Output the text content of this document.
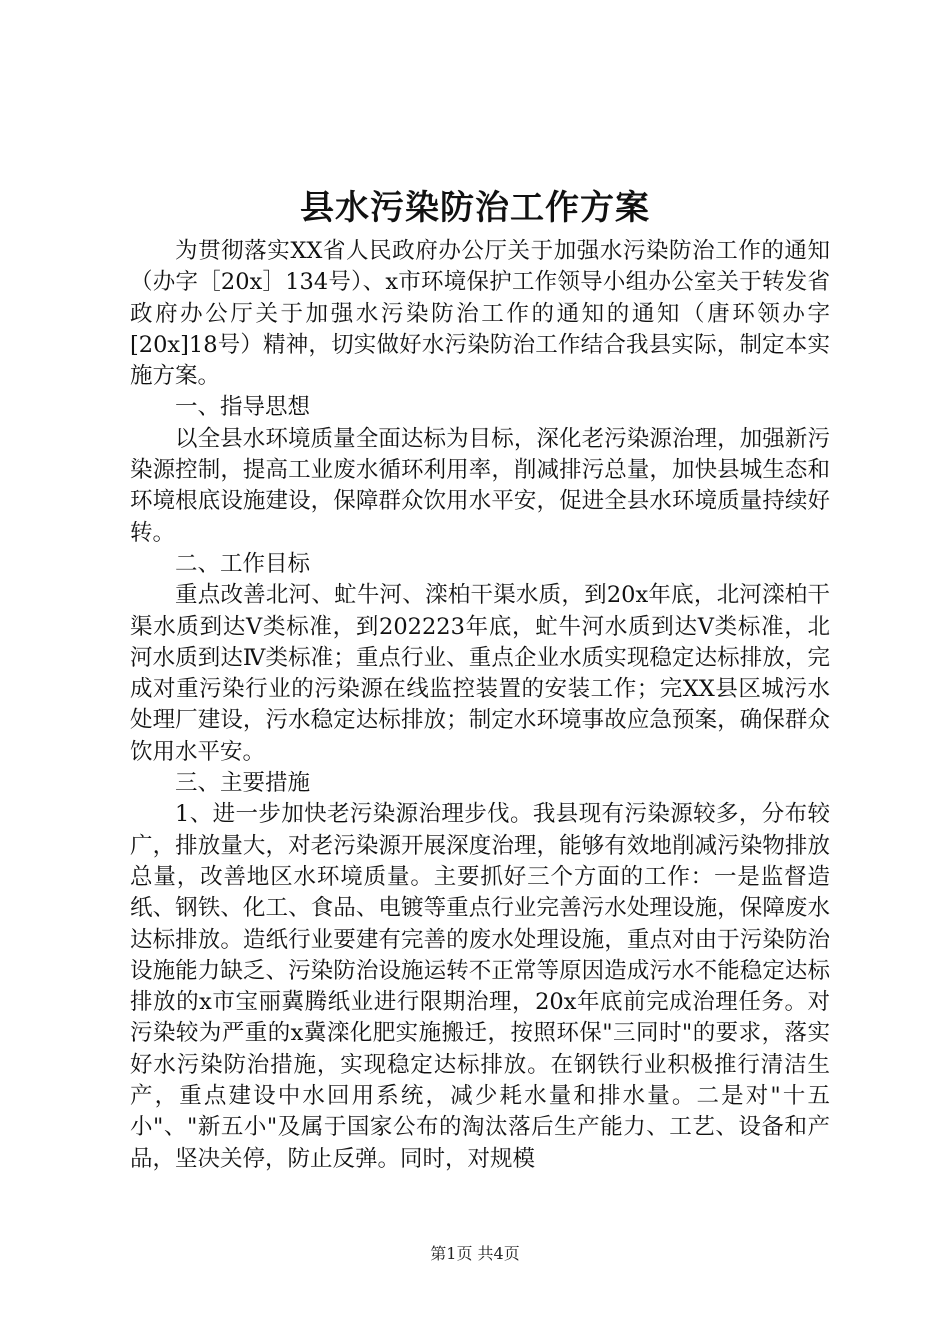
县水污染防治工作方案

为贯彻落实XX省人民政府办公厅关于加强水污染防治工作的通知（办字［20x］134号）、x市环境保护工作领导小组办公室关于转发省政府办公厅关于加强水污染防治工作的通知的通知（唐环领办字[20x]18号）精神，切实做好水污染防治工作结合我县实际，制定本实施方案。

一、指导思想

以全县水环境质量全面达标为目标，深化老污染源治理，加强新污染源控制，提高工业废水循环利用率，削减排污总量，加快县城生态和环境根底设施建设，保障群众饮用水平安，促进全县水环境质量持续好转。

二、工作目标

重点改善北河、虻牛河、滦柏干渠水质，到20x年底，北河滦柏干渠水质到达Ⅴ类标准，到202223年底，虻牛河水质到达Ⅴ类标准，北河水质到达Ⅳ类标准；重点行业、重点企业水质实现稳定达标排放，完成对重污染行业的污染源在线监控装置的安装工作；完XX县区城污水处理厂建设，污水稳定达标排放；制定水环境事故应急预案，确保群众饮用水平安。

三、主要措施

1、进一步加快老污染源治理步伐。我县现有污染源较多，分布较广，排放量大，对老污染源开展深度治理，能够有效地削减污染物排放总量，改善地区水环境质量。主要抓好三个方面的工作：一是监督造纸、钢铁、化工、食品、电镀等重点行业完善污水处理设施，保障废水达标排放。造纸行业要建有完善的废水处理设施，重点对由于污染防治设施能力缺乏、污染防治设施运转不正常等原因造成污水不能稳定达标排放的x市宝丽冀腾纸业进行限期治理，20x年底前完成治理任务。对污染较为严重的x冀滦化肥实施搬迁，按照环保"三同时"的要求，落实好水污染防治措施，实现稳定达标排放。在钢铁行业积极推行清洁生产，重点建设中水回用系统，减少耗水量和排水量。二是对"十五小"、"新五小"及属于国家公布的淘汰落后生产能力、工艺、设备和产品，坚决关停，防止反弹。同时，对规模

第1页 共4页
